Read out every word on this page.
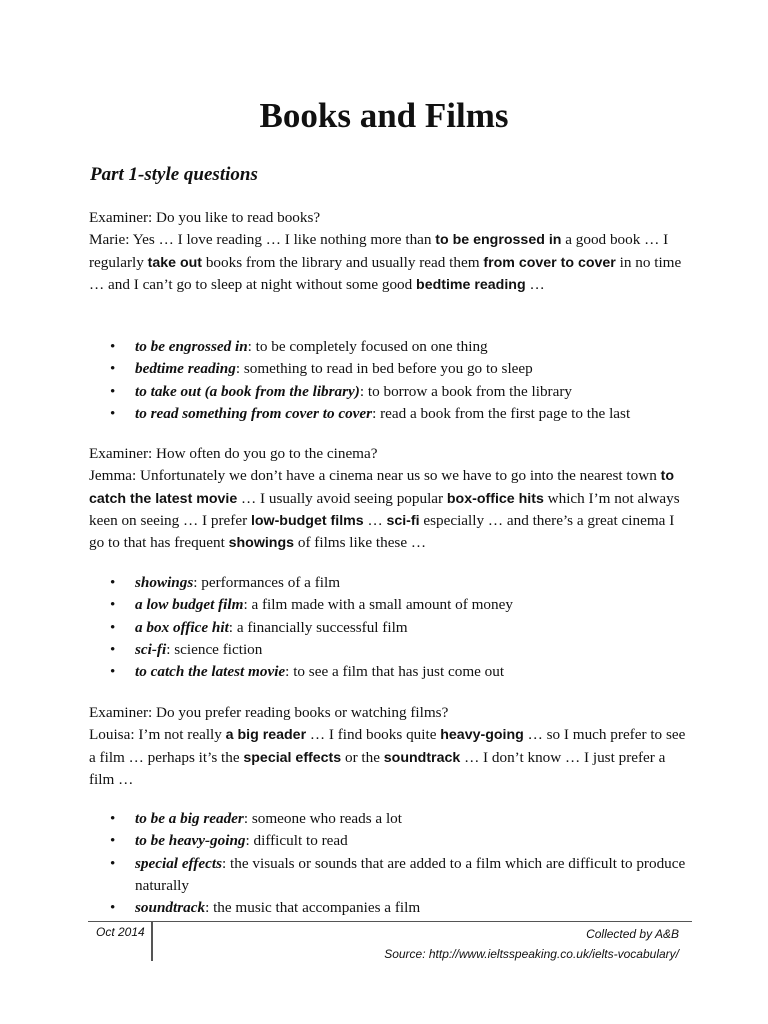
Books and Films
Part 1-style questions

Examiner: Do you like to read books?

Marie: Yes … I love reading … I like nothing more than to be engrossed in a good book … I regularly take out books from the library and usually read them from cover to cover in no time … and I can’t go to sleep at night without some good bedtime reading …

• to be engrossed in: to be completely focused on one thing
• bedtime reading: something to read in bed before you go to sleep
• to take out (a book from the library): to borrow a book from the library
• to read something from cover to cover: read a book from the first page to the last

Examiner: How often do you go to the cinema?

Jemma: Unfortunately we don’t have a cinema near us so we have to go into the nearest town to catch the latest movie … I usually avoid seeing popular box-office hits which I’m not always keen on seeing … I prefer low-budget films … sci-fi especially … and there’s a great cinema I go to that has frequent showings of films like these …

• showings: performances of a film
• a low budget film: a film made with a small amount of money
• a box office hit: a financially successful film
• sci-fi: science fiction
• to catch the latest movie: to see a film that has just come out

Examiner: Do you prefer reading books or watching films?

Louisa: I’m not really a big reader … I find books quite heavy-going … so I much prefer to see a film … perhaps it’s the special effects or the soundtrack … I don’t know … I just prefer a film …

• to be a big reader: someone who reads a lot
• to be heavy-going: difficult to read
• special effects: the visuals or sounds that are added to a film which are difficult to produce naturally
• soundtrack: the music that accompanies a film
Oct 2014	Collected by A&B
Source: http://www.ieltsspeaking.co.uk/ielts-vocabulary/
